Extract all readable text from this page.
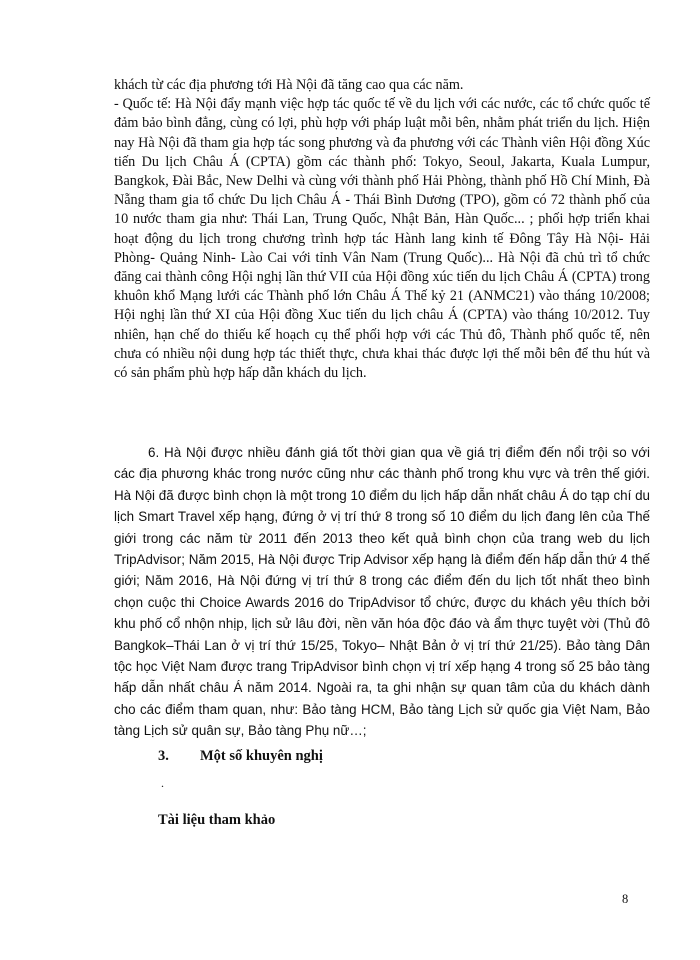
khách từ các địa phương tới Hà Nội đã tăng cao qua các năm.

- Quốc tế: Hà Nội đẩy mạnh việc hợp tác quốc tế về du lịch với các nước, các tổ chức quốc tế đảm bảo bình đẳng, cùng có lợi, phù hợp với pháp luật mỗi bên, nhằm phát triển du lịch. Hiện nay Hà Nội đã tham gia hợp tác song phương và đa phương với các Thành viên Hội đồng Xúc tiến Du lịch Châu Á (CPTA) gồm các thành phố: Tokyo, Seoul, Jakarta, Kuala Lumpur, Bangkok, Đài Bắc, New Delhi và cùng với thành phố Hải Phòng, thành phố Hồ Chí Minh, Đà Nẵng tham gia tổ chức Du lịch Châu Á - Thái Bình Dương (TPO), gồm có 72 thành phố của 10 nước tham gia như: Thái Lan, Trung Quốc, Nhật Bản, Hàn Quốc... ; phối hợp triển khai hoạt động du lịch trong chương trình hợp tác Hành lang kinh tế Đông Tây Hà Nội- Hải Phòng- Quảng Ninh- Lào Cai với tỉnh Vân Nam (Trung Quốc)... Hà Nội đã chủ trì tổ chức đăng cai thành công Hội nghị lần thứ VII của Hội đồng xúc tiến du lịch Châu Á (CPTA) trong khuôn khổ Mạng lưới các Thành phố lớn Châu Á Thế kỷ 21 (ANMC21) vào tháng 10/2008; Hội nghị lần thứ XI của Hội đồng Xuc tiến du lịch châu Á (CPTA) vào tháng 10/2012. Tuy nhiên, hạn chế do thiếu kế hoạch cụ thể phối hợp với các Thủ đô, Thành phố quốc tế, nên chưa có nhiều nội dung hợp tác thiết thực, chưa khai thác được lợi thế mỗi bên để thu hút và có sản phẩm phù hợp hấp dẫn khách du lịch.

6. Hà Nội được nhiều đánh giá tốt thời gian qua về giá trị điểm đến nổi trội so với các địa phương khác trong nước cũng như các thành phố trong khu vực và trên thế giới. Hà Nội đã được bình chọn là một trong 10 điểm du lịch hấp dẫn nhất châu Á do tạp chí du lịch Smart Travel xếp hạng, đứng ở vị trí thứ 8 trong số 10 điểm du lịch đang lên của Thế giới trong các năm từ 2011 đến 2013 theo kết quả bình chọn của trang web du lịch TripAdvisor; Năm 2015, Hà Nội được Trip Advisor xếp hạng là điểm đến hấp dẫn thứ 4 thế giới; Năm 2016, Hà Nội đứng vị trí thứ 8 trong các điểm đến du lịch tốt nhất theo bình chọn cuộc thi Choice Awards 2016 do TripAdvisor tổ chức, được du khách yêu thích bởi khu phố cổ nhộn nhịp, lịch sử lâu đời, nền văn hóa độc đáo và ẩm thực tuyệt vời (Thủ đô Bangkok–Thái Lan ở vị trí thứ 15/25, Tokyo– Nhật Bản ở vị trí thứ 21/25). Bảo tàng Dân tộc học Việt Nam được trang TripAdvisor bình chọn vị trí xếp hạng 4 trong số 25 bảo tàng hấp dẫn nhất châu Á năm 2014. Ngoài ra, ta ghi nhận sự quan tâm của du khách dành cho các điểm tham quan, như: Bảo tàng HCM, Bảo tàng Lịch sử quốc gia Việt Nam, Bảo tàng Lịch sử quân sự, Bảo tàng Phụ nữ…;

3. Một số khuyên nghị
.
Tài liệu tham khảo
8
